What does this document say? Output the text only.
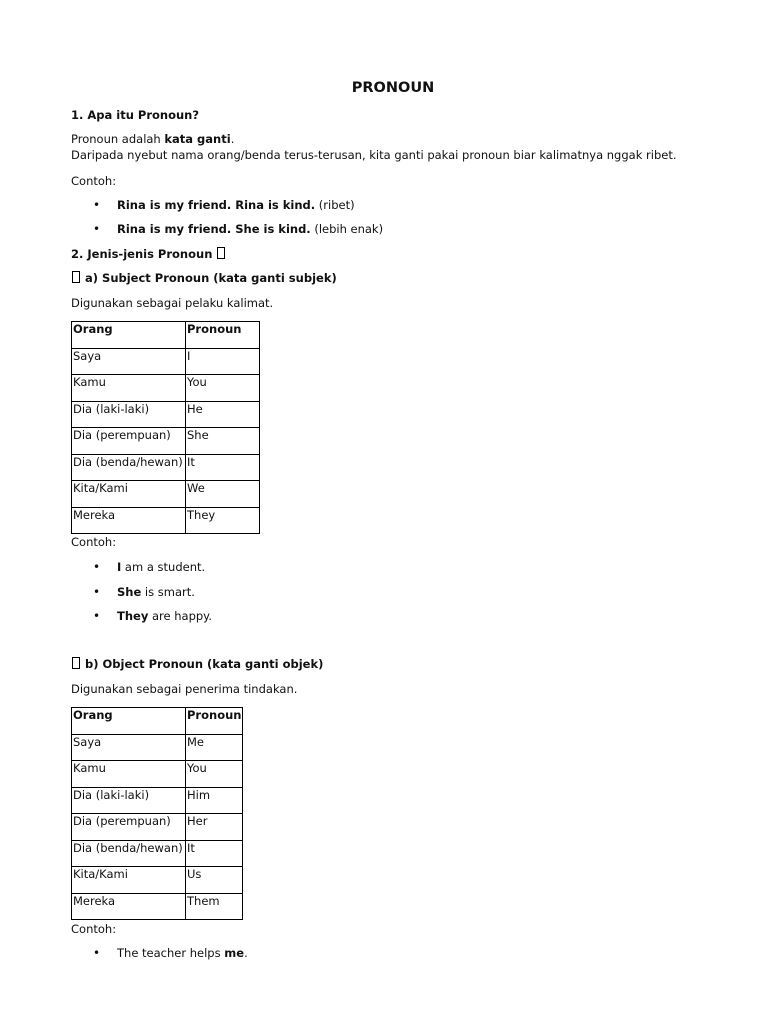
PRONOUN
1. Apa itu Pronoun?
Pronoun adalah kata ganti.
Daripada nyebut nama orang/benda terus-terusan, kita ganti pakai pronoun biar kalimatnya nggak ribet.
Contoh:
• Rina is my friend. Rina is kind. (ribet)
• Rina is my friend. She is kind. (lebih enak)
2. Jenis-jenis Pronoun
a) Subject Pronoun (kata ganti subjek)
Digunakan sebagai pelaku kalimat.
Orang	Pronoun
Saya	I
Kamu	You
Dia (laki-laki)	He
Dia (perempuan)	She
Dia (benda/hewan)	It
Kita/Kami	We
Mereka	They
Contoh:
• I am a student.
• She is smart.
• They are happy.
b) Object Pronoun (kata ganti objek)
Digunakan sebagai penerima tindakan.
Orang	Pronoun
Saya	Me
Kamu	You
Dia (laki-laki)	Him
Dia (perempuan)	Her
Dia (benda/hewan)	It
Kita/Kami	Us
Mereka	Them
Contoh:
• The teacher helps me.
